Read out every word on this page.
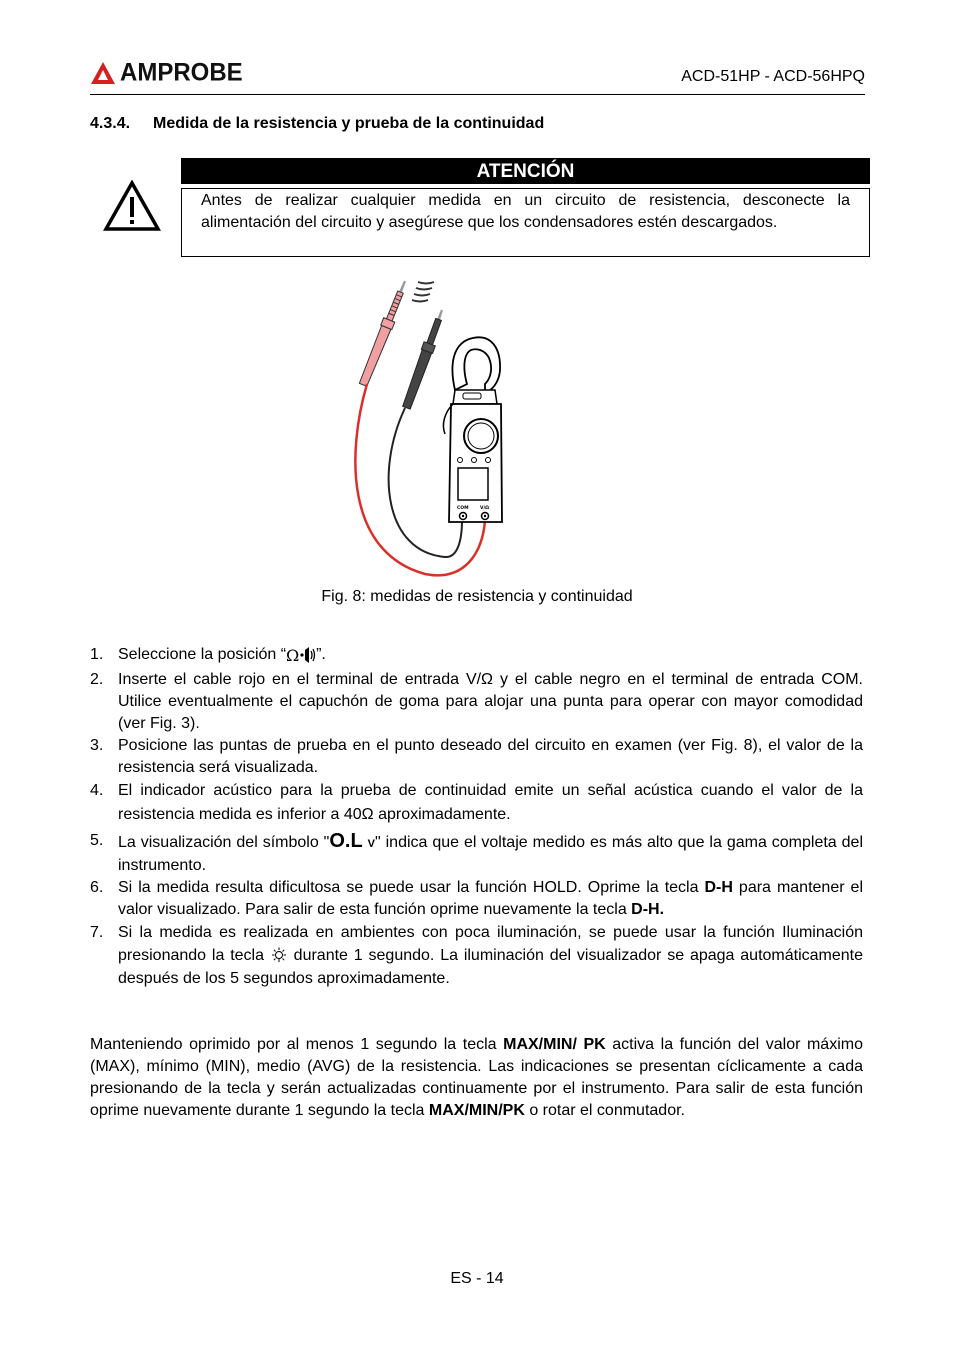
AMPROBE	ACD-51HP - ACD-56HPQ
4.3.4. Medida de la resistencia y prueba de la continuidad
ATENCIÓN

Antes de realizar cualquier medida en un circuito de resistencia, desconecte la alimentación del circuito y asegúrese que los condensadores estén descargados.

COM	V/Ω
Fig. 8: medidas de resistencia y continuidad
1. Seleccione la posición “ Ω ”.
2. Inserte el cable rojo en el terminal de entrada V/Ω y el cable negro en el terminal de entrada COM. Utilice eventualmente el capuchón de goma para alojar una punta para operar con mayor comodidad (ver Fig. 3).
3. Posicione las puntas de prueba en el punto deseado del circuito en examen (ver Fig. 8), el valor de la resistencia será visualizada.
4. El indicador acústico para la prueba de continuidad emite un señal acústica cuando el valor de la resistencia medida es inferior a 40Ω aproximadamente.
5. La visualización del símbolo "O.L V" indica que el voltaje medido es más alto que la gama completa del instrumento.
6. Si la medida resulta dificultosa se puede usar la función HOLD. Oprime la tecla D-H para mantener el valor visualizado. Para salir de esta función oprime nuevamente la tecla D-H.
7. Si la medida es realizada en ambientes con poca iluminación, se puede usar la función Iluminación presionando la tecla  durante 1 segundo. La iluminación del visualizador se apaga automáticamente después de los 5 segundos aproximadamente.

Manteniendo oprimido por al menos 1 segundo la tecla MAX/MIN/ PK activa la función del valor máximo (MAX), mínimo (MIN), medio (AVG) de la resistencia. Las indicaciones se presentan cíclicamente a cada presionando de la tecla y serán actualizadas continuamente por el instrumento. Para salir de esta función oprime nuevamente durante 1 segundo la tecla MAX/MIN/PK o rotar el conmutador.

ES - 14
